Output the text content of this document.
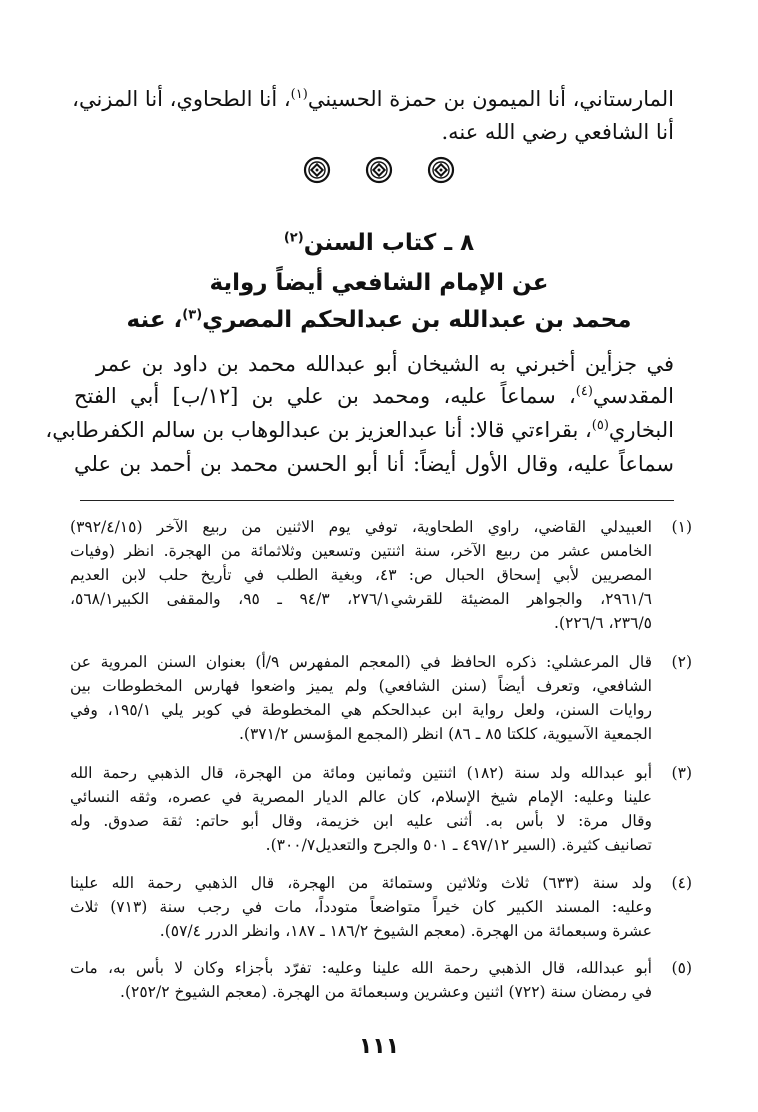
المارستاني، أنا الميمون بن حمزة الحسيني$^{(١)}$، أنا الطحاوي، أنا المزني،
أنا الشافعي رضي الله عنه.
٨ ـ كتاب السنن$^{(٢)}$
عن الإمام الشافعي أيضاً رواية
محمد بن عبدالله بن عبدالحكم المصري$^{(٣)}$، عنه
في جزأين أخبرني به الشيخان أبو عبدالله محمد بن داود بن عمر
المقدسي$^{(٤)}$، سماعاً عليه، ومحمد بن علي بن [١٢/ب] أبي الفتح
البخاري$^{(٥)}$، بقراءتي قالا: أنا عبدالعزيز بن عبدالوهاب بن سالم الكفرطابي،
سماعاً عليه، وقال الأول أيضاً: أنا أبو الحسن محمد بن أحمد بن علي
(١)
العبيدلي القاضي، راوي الطحاوية، توفي يوم الاثنين من ربيع الآخر (٣٩٢/٤/١٥)
الخامس عشر من ربيع الآخر، سنة اثنتين وتسعين وثلاثمائة من الهجرة. انظر (وفيات
المصريين لأبي إسحاق الحبال ص: ٤٣، وبغية الطلب في تأريخ حلب لابن العديم
٢٩٦١/٦، والجواهر المضيئة للقرشي٢٧٦/١، ٩٤/٣ ـ ٩٥، والمقفى الكبير٥٦٨/١،
٢٣٦/٥، ٢٢٦/٦).
(٢)
قال المرعشلي: ذكره الحافظ في (المعجم المفهرس ٩/أ) بعنوان السنن المروية عن
الشافعي، وتعرف أيضاً (سنن الشافعي) ولم يميز واضعوا فهارس المخطوطات بين
روايات السنن، ولعل رواية ابن عبدالحكم هي المخطوطة في كوبر يلي ١٩٥/١، وفي
الجمعية الآسيوية، كلكتا ٨٥ ـ ٨٦) انظر (المجمع المؤسس ٣٧١/٢).
(٣)
أبو عبدالله ولد سنة (١٨٢) اثنتين وثمانين ومائة من الهجرة، قال الذهبي رحمة الله
علينا وعليه: الإمام شيخ الإسلام، كان عالم الديار المصرية في عصره، وثقه النسائي
وقال مرة: لا بأس به. أثنى عليه ابن خزيمة، وقال أبو حاتم: ثقة صدوق. وله
تصانيف كثيرة. (السير ٤٩٧/١٢ ـ ٥٠١ والجرح والتعديل٣٠٠/٧).
(٤)
ولد سنة (٦٣٣) ثلاث وثلاثين وستمائة من الهجرة، قال الذهبي رحمة الله علينا
وعليه: المسند الكبير كان خيراً متواضعاً متودداً، مات في رجب سنة (٧١٣) ثلاث
عشرة وسبعمائة من الهجرة. (معجم الشيوخ ١٨٦/٢ ـ ١٨٧، وانظر الدرر ٥٧/٤).
(٥)
أبو عبدالله، قال الذهبي رحمة الله علينا وعليه: تفرّد بأجزاء وكان لا بأس به، مات
في رمضان سنة (٧٢٢) اثنين وعشرين وسبعمائة من الهجرة. (معجم الشيوخ ٢٥٢/٢).
١١١
